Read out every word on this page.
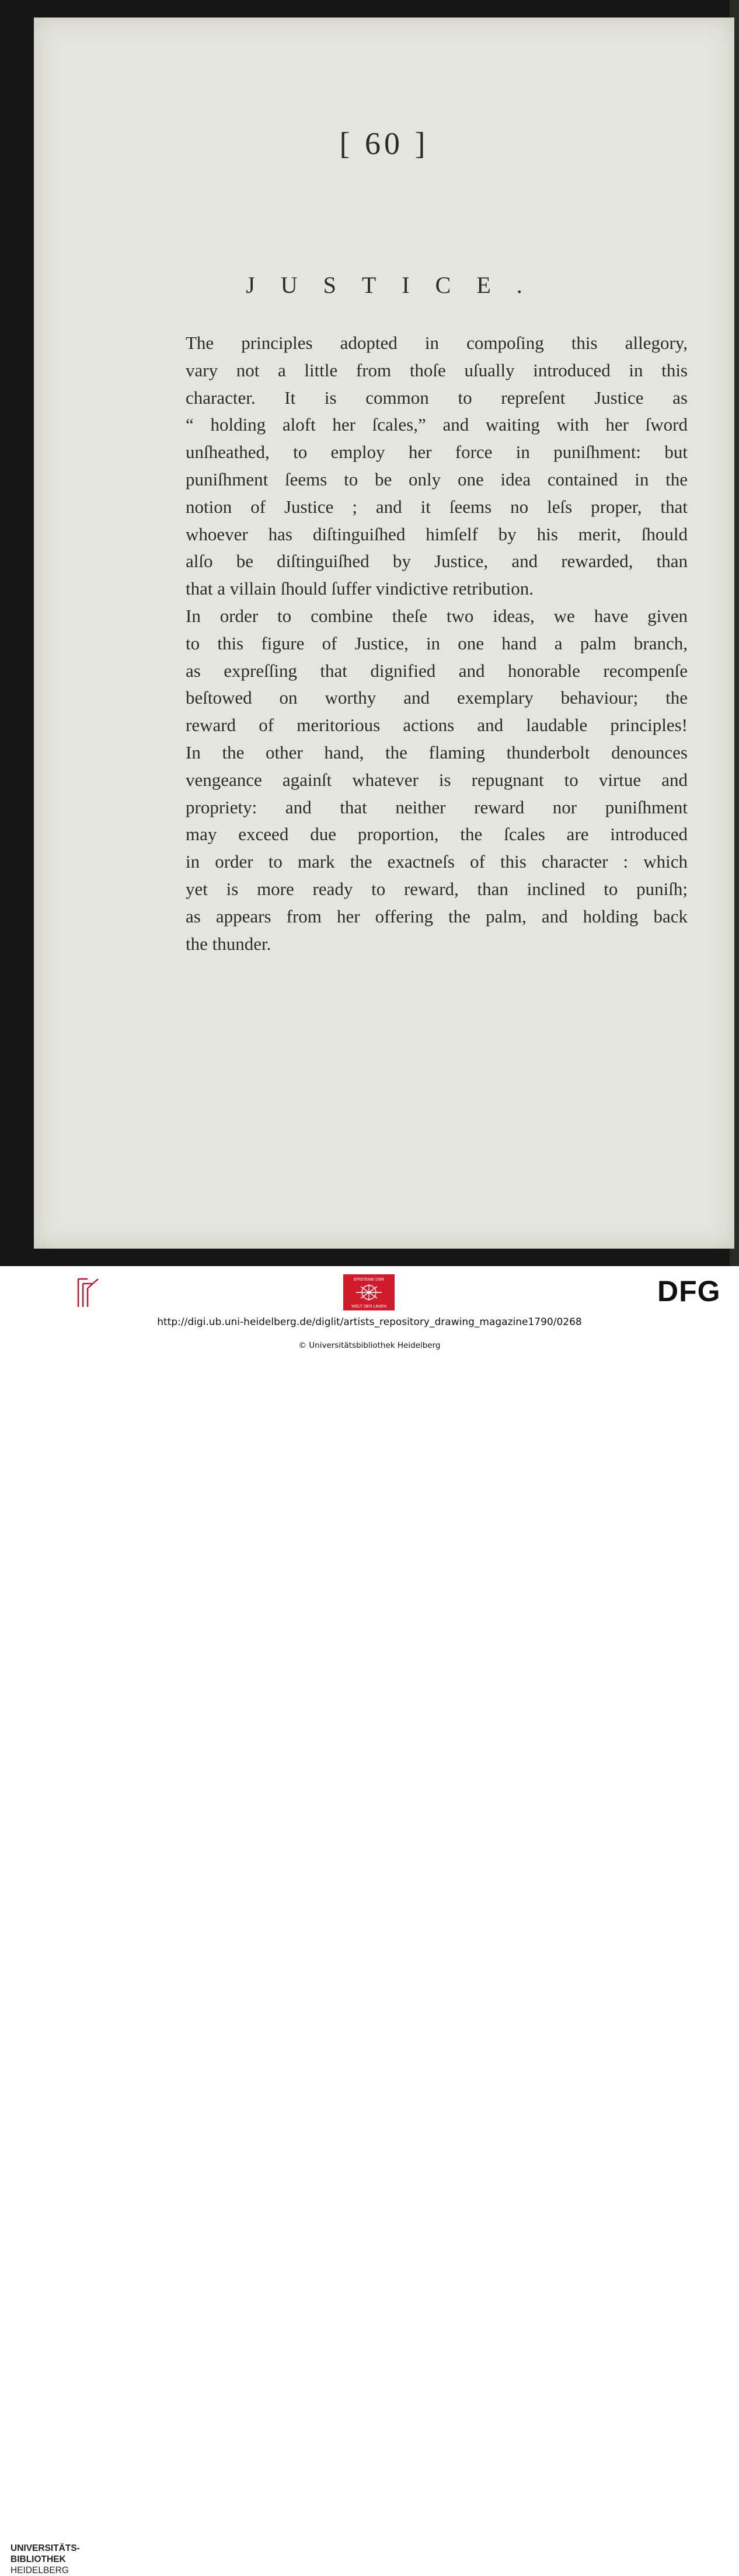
[ 60 ]
JUSTICE.

The principles adopted in compoſing this allegory,
vary not a little from thoſe uſually introduced in this
character. It is common to repreſent Justice as
“ holding aloft her ſcales,” and waiting with her ſword
unſheathed, to employ her force in puniſhment: but
puniſhment ſeems to be only one idea contained in the
notion of Justice ; and it ſeems no leſs proper, that
whoever has diſtinguiſhed himſelf by his merit, ſhould
alſo be diſtinguiſhed by Justice, and rewarded, than
that a villain ſhould ſuffer vindictive retribution.

In order to combine theſe two ideas, we have given
to this figure of Justice, in one hand a palm branch,
as expreſſing that dignified and honorable recompenſe
beſtowed on worthy and exemplary behaviour; the
reward of meritorious actions and laudable principles!
In the other hand, the flaming thunderbolt denounces
vengeance againſt whatever is repugnant to virtue and
propriety: and that neither reward nor puniſhment
may exceed due proportion, the ſcales are introduced
in order to mark the exactneſs of this character : which
yet is more ready to reward, than inclined to puniſh;
as appears from her offering the palm, and holding back
the thunder.

UNIVERSITÄTS-
BIBLIOTHEK
HEIDELBERG
EPISTEME DER
WELT DER LINIEN	DFG
http://digi.ub.uni-heidelberg.de/diglit/artists_repository_drawing_magazine1790/0268
© Universitätsbibliothek Heidelberg
